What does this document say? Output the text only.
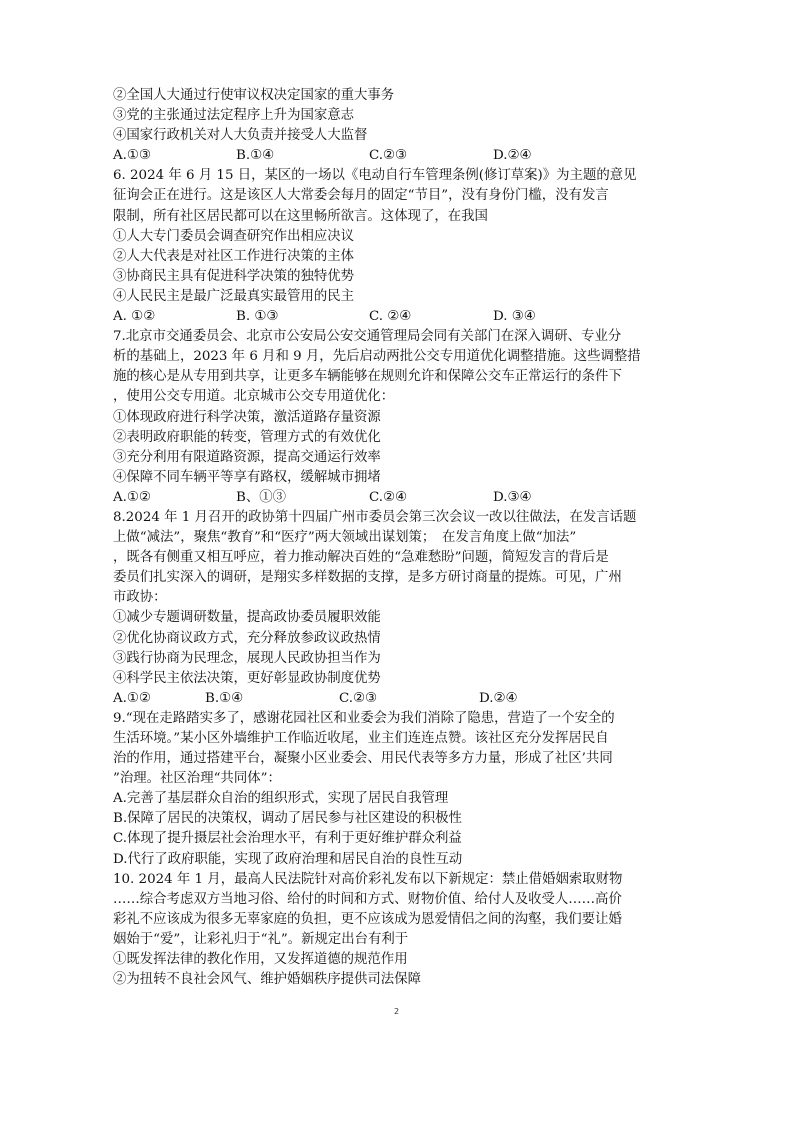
②全国人大通过行使审议权决定国家的重大事务
③党的主张通过法定程序上升为国家意志
④国家行政机关对人大负责并接受人大监督
A.①③	B.①④	C.②③	D.②④
6. 2024 年 6 月 15 日，某区的一场以《电动自行车管理条例(修订草案)》为主题的意见
征询会正在进行。这是该区人大常委会每月的固定“节目”，没有身份门槛，没有发言
限制，所有社区居民都可以在这里畅所欲言。这体现了，在我国
①人大专门委员会调查研究作出相应决议
②人大代表是对社区工作进行决策的主体
③协商民主具有促进科学决策的独特优势
④人民民主是最广泛最真实最管用的民主
A. ①②	B. ①③	C. ②④	D. ③④
7.北京市交通委员会、北京市公安局公安交通管理局会同有关部门在深入调研、专业分
析的基础上，2023 年 6 月和 9 月，先后启动两批公交专用道优化调整措施。这些调整措
施的核心是从专用到共享，让更多车辆能够在规则允许和保障公交车正常运行的条件下
，使用公交专用道。北京城市公交专用道优化：
①体现政府进行科学决策，激活道路存量资源
②表明政府职能的转变，管理方式的有效优化
③充分利用有限道路资源，提高交通运行效率
④保障不同车辆平等享有路权，缓解城市拥堵
A.①②	B、①③	C.②④	D.③④
8.2024 年 1 月召开的政协第十四届广州市委员会第三次会议一改以往做法，在发言话题
上做“减法”，聚焦“教育”和“医疗”两大领域出谋划策；　在发言角度上做“加法”
，既各有侧重又相互呼应，着力推动解决百姓的“急难愁盼”问题，简短发言的背后是
委员们扎实深入的调研，是翔实多样数据的支撑，是多方研讨商量的提炼。可见，广州
市政协：
①减少专题调研数量，提高政协委员履职效能
②优化协商议政方式，充分释放参政议政热情
③践行协商为民理念，展现人民政协担当作为
④科学民主依法决策，更好彰显政协制度优势
A.①②	B.①④	C.②③	D.②④
9.“现在走路踏实多了，感谢花园社区和业委会为我们消除了隐患，营造了一个安全的
生活环境。”某小区外墙维护工作临近收尾，业主们连连点赞。该社区充分发挥居民自
治的作用，通过搭建平台，凝聚小区业委会、用民代表等多方力量，形成了社区’共同
”治理。社区治理“共同体”：
A.完善了基层群众自治的组织形式，实现了居民自我管理
B.保障了居民的决策权，调动了居民参与社区建设的积极性
C.体现了提升摄层社会治理水平，有利于更好维护群众利益
D.代行了政府职能，实现了政府治理和居民自治的良性互动
10. 2024 年 1 月，最高人民法院针对高价彩礼发布以下新规定：禁止借婚姻索取财物
……综合考虑双方当地习俗、给付的时间和方式、财物价值、给付人及收受人……高价
彩礼不应该成为很多无辜家庭的负担，更不应该成为恩爱情侣之间的沟壑，我们要让婚
姻始于“爱”，让彩礼归于“礼”。新规定出台有利于
①既发挥法律的教化作用，又发挥道德的规范作用
②为扭转不良社会风气、维护婚姻秩序提供司法保障
2
